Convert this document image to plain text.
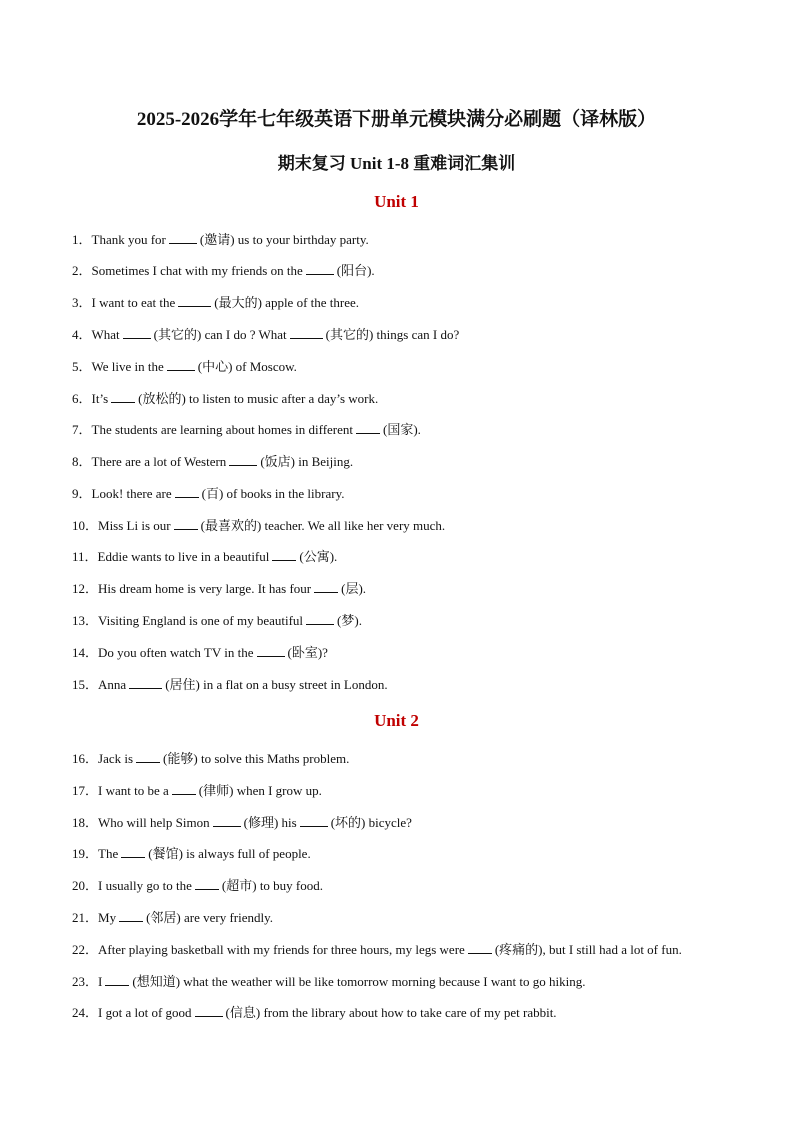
2025-2026学年七年级英语下册单元模块满分必刷题（译林版）
期末复习 Unit 1-8 重难词汇集训
Unit 1
1．Thank you for	(邀请) us to your birthday party.
2．Sometimes I chat with my friends on the	(阳台).
3．I want to eat the	(最大的) apple of the three.
4．What	(其它的) can I do ? What	(其它的) things can I do?
5．We live in the	(中心) of Moscow.
6．It’s (放松的) to listen to music after a day’s work.
7．The students are learning about homes in different (国家).
8．There are a lot of Western	(饭店) in Beijing.
9．Look! there are (百) of books in the library.
10．Miss Li is our (最喜欢的) teacher. We all like her very much.
11．Eddie wants to live in a beautiful (公寓).
12．His dream home is very large. It has four (层).
13．Visiting England is one of my beautiful	(梦).
14．Do you often watch TV in the	(卧室)?
15．Anna	(居住) in a flat on a busy street in London.
Unit 2
16．Jack is (能够) to solve this Maths problem.
17．I want to be a (律师) when I grow up.
18．Who will help Simon	(修理) his	(坏的) bicycle?
19．The (餐馆) is always full of people.
20．I usually go to the (超市) to buy food.
21．My (邻居) are very friendly.
22．After playing basketball with my friends for three hours, my legs were (疼痛的), but I still had a lot of fun.
23．I (想知道) what the weather will be like tomorrow morning because I want to go hiking.
24．I got a lot of good	(信息) from the library about how to take care of my pet rabbit.
